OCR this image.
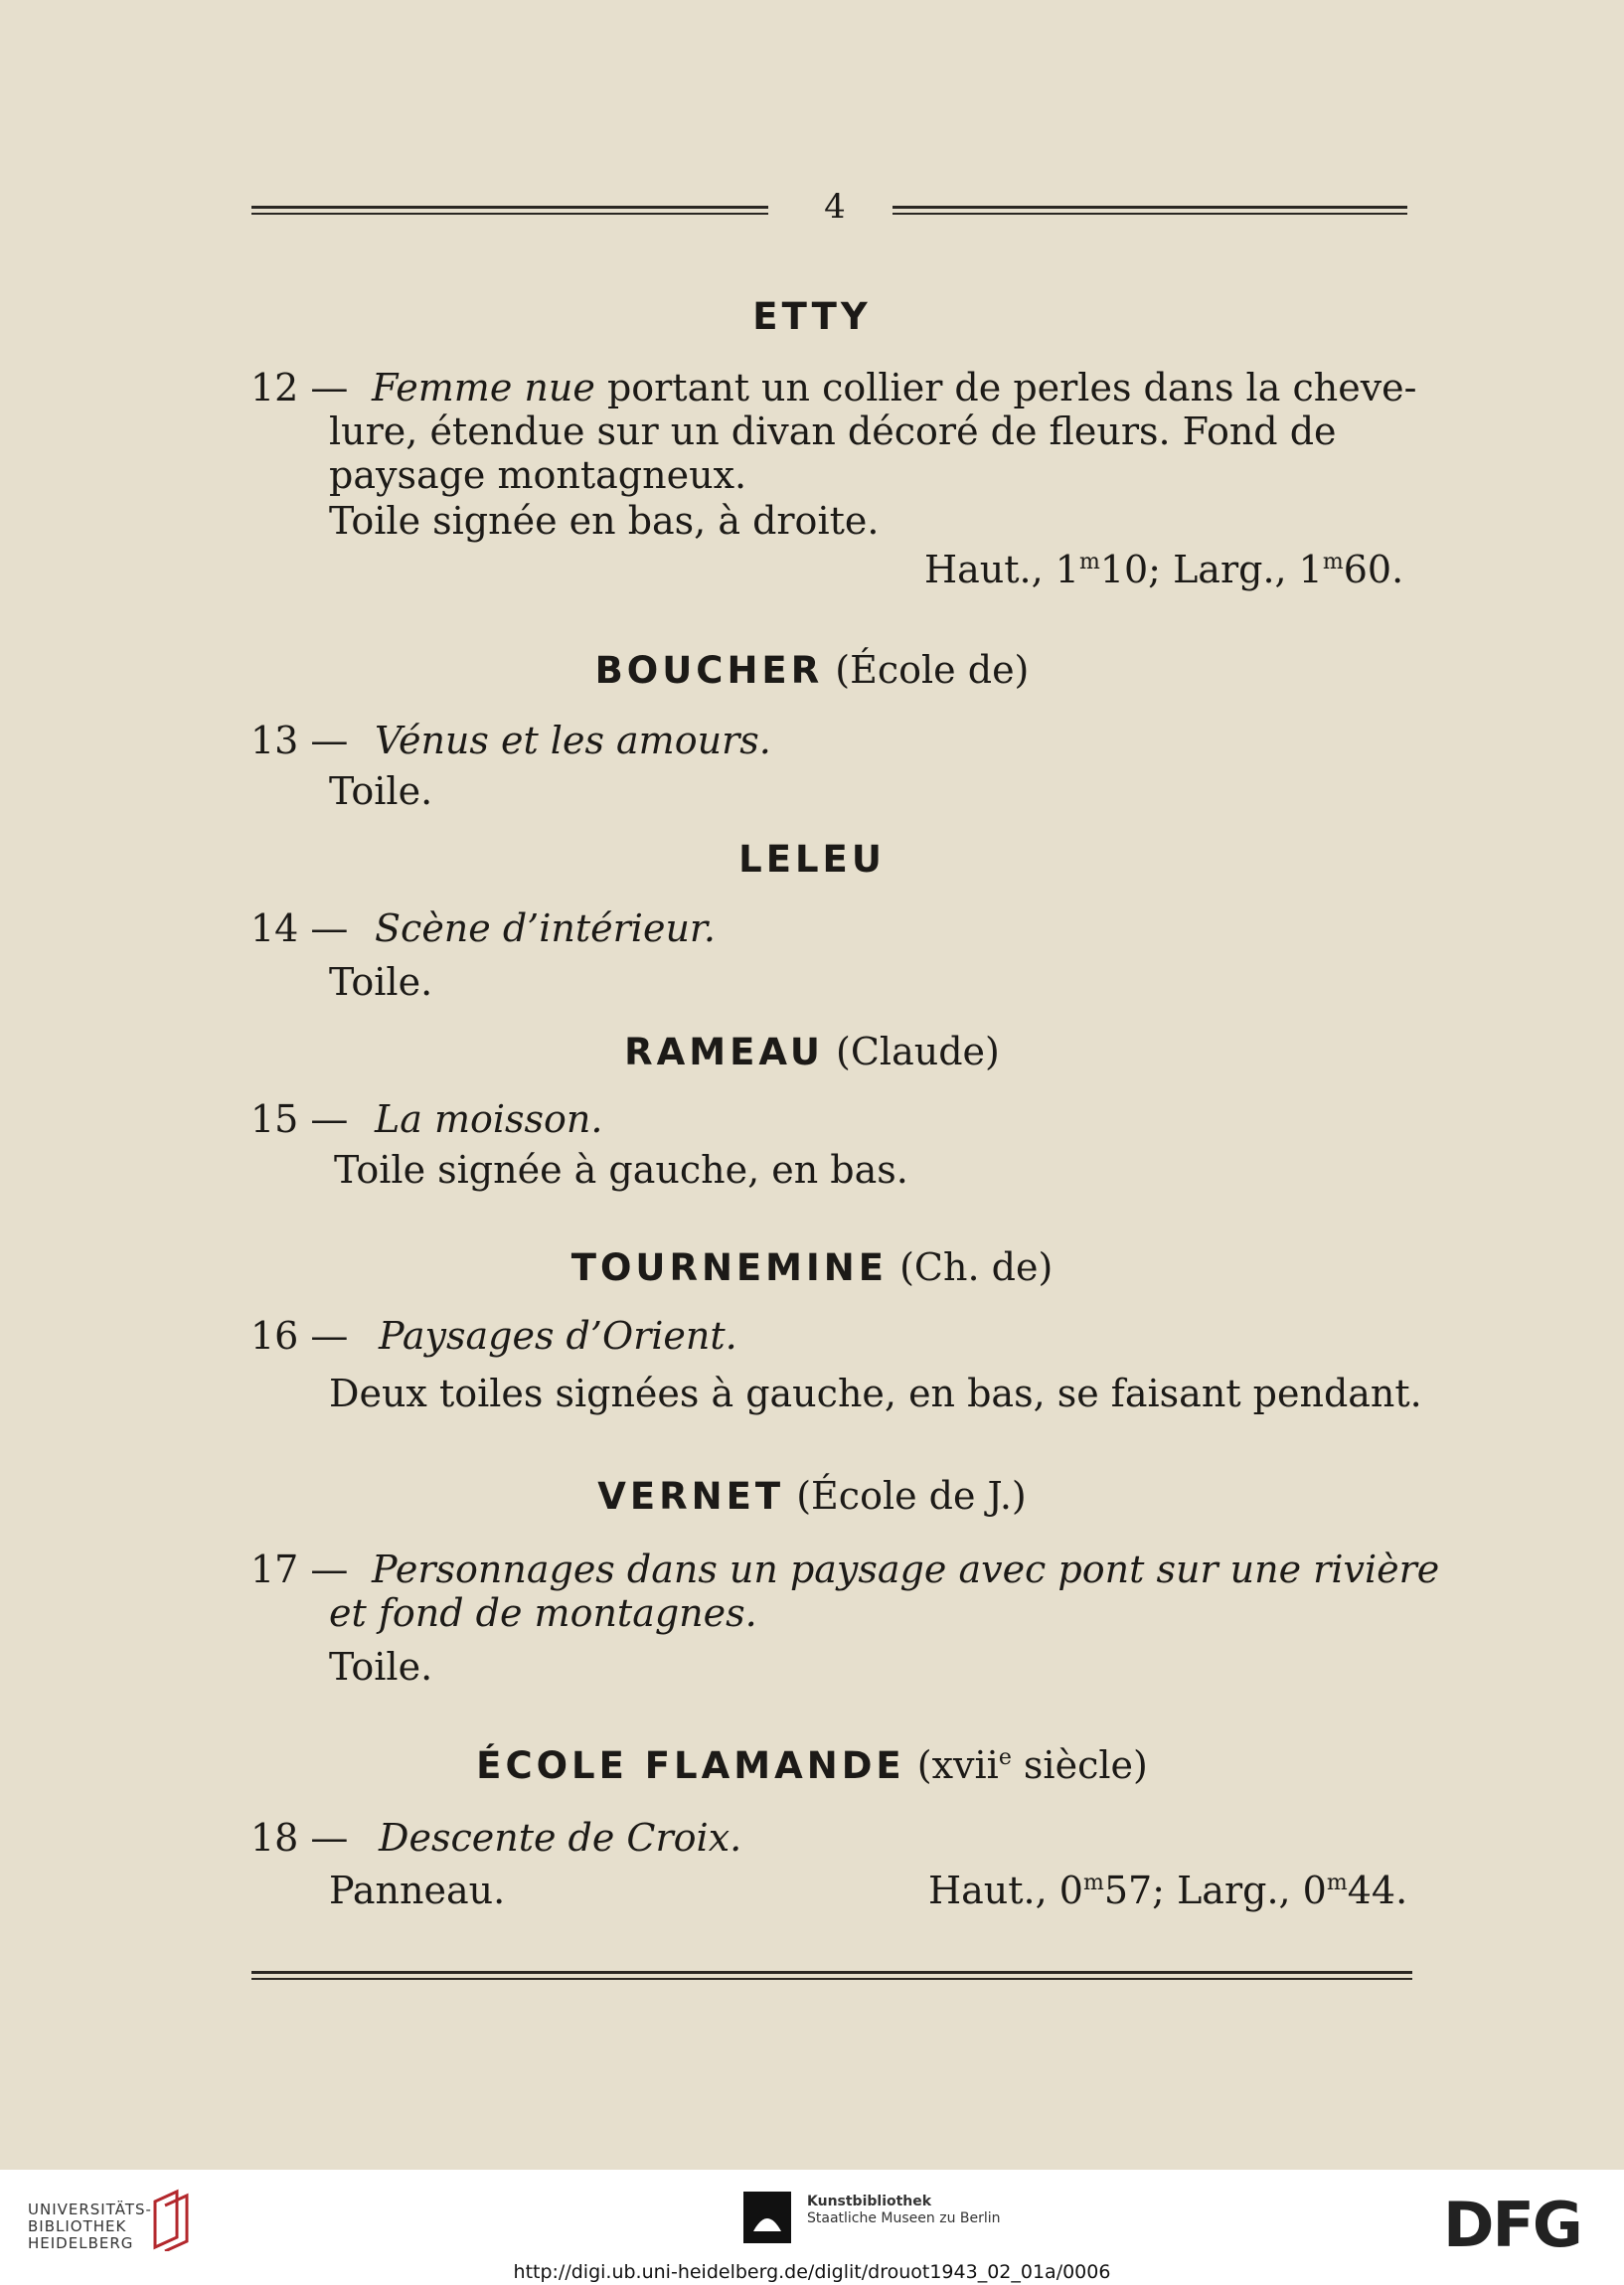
4
ETTY
12 — Femme nue portant un collier de perles dans la cheve-
lure, étendue sur un divan décoré de fleurs. Fond de
paysage montagneux.
Toile signée en bas, à droite.
Haut., 1$^m$10; Larg., 1$^m$60.
BOUCHER (École de)
13 — Vénus et les amours.
Toile.
LELEU
14 — Scène d’intérieur.
Toile.
RAMEAU (Claude)
15 — La moisson.
Toile signée à gauche, en bas.
TOURNEMINE (Ch. de)
16 — Paysages d’Orient.
Deux toiles signées à gauche, en bas, se faisant pendant.
VERNET (École de J.)
17 — Personnages dans un paysage avec pont sur une rivière
et fond de montagnes.
Toile.
ÉCOLE FLAMANDE (xvii$^e$ siècle)
18 — Descente de Croix.
Panneau.	Haut., 0$^m$57; Larg., 0$^m$44.
UNIVERSITÄTS-
BIBLIOTHEK
HEIDELBERG
Kunstbibliothek
Staatliche Museen zu Berlin	DFG
http://digi.ub.uni-heidelberg.de/diglit/drouot1943_02_01a/0006
